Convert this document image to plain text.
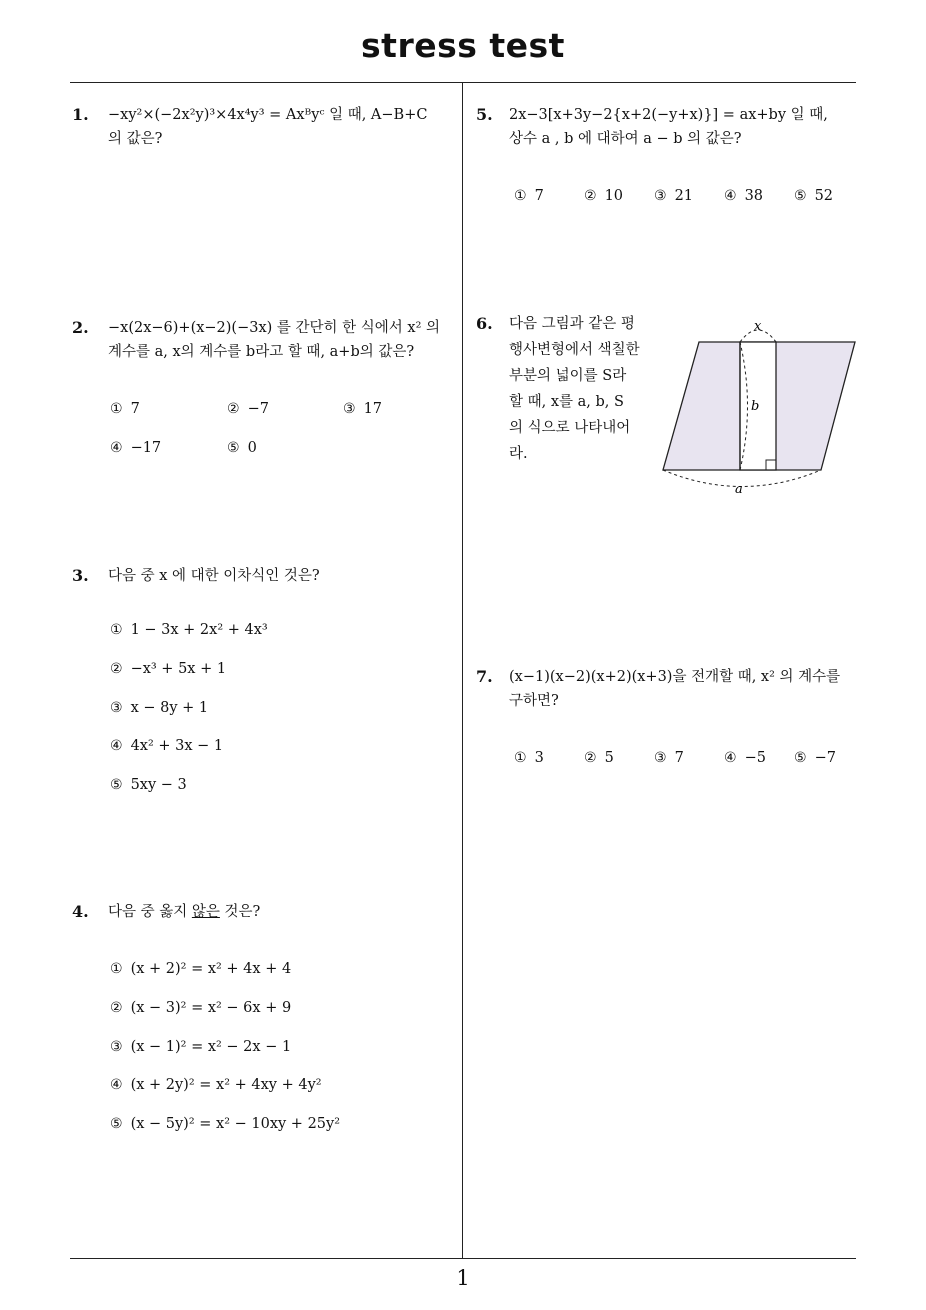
stress test
1
1. −xy²×(−2x²y)³×4x⁴y³ = Axᴮyᶜ 일 때, A−B+C
의 값은?
2. −x(2x−6)+(x−2)(−3x) 를 간단히 한 식에서 x² 의
계수를 a, x의 계수를 b라고 할 때, a+b의 값은?
① 7	② −7	③ 17
④ −17	⑤ 0
3. 다음 중 x 에 대한 이차식인 것은?
① 1 − 3x + 2x² + 4x³
② −x³ + 5x + 1
③ x − 8y + 1
④ 4x² + 3x − 1
⑤ 5xy − 3
4. 다음 중 옳지 않은 것은?
① (x + 2)² = x² + 4x + 4
② (x − 3)² = x² − 6x + 9
③ (x − 1)² = x² − 2x − 1
④ (x + 2y)² = x² + 4xy + 4y²
⑤ (x − 5y)² = x² − 10xy + 25y²
5. 2x−3[x+3y−2{x+2(−y+x)}] = ax+by 일 때,
상수 a , b 에 대하여 a − b 의 값은?
① 7	② 10 ③ 21 ④ 38 ⑤ 52
6. 다음 그림과 같은 평
행사변형에서 색칠한
부분의 넓이를 S라
할 때, x를 a, b, S
의 식으로 나타내어
라.
x
b
a
7. (x−1)(x−2)(x+2)(x+3)을 전개할 때, x² 의 계수를
구하면?
① 3	② 5	③ 7	④ −5 ⑤ −7
